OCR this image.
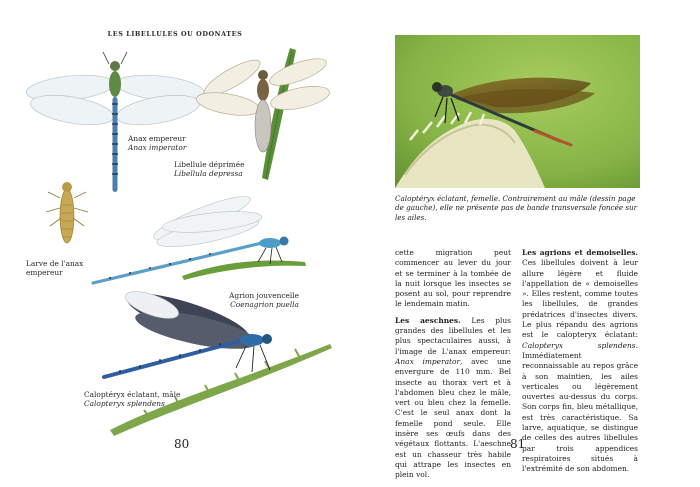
LES LIBELLULES OU ODONATES
Anax empereur
Anax imperator
Libellule déprimée
Libellula depressa
Larve de l'anax
empereur
Agrion jouvencelle
Coenagrion puella
Caloptéryx éclatant, mâle
Calopteryx splendens
80
Caloptéryx éclatant, femelle. Contrairement au mâle (dessin page de gauche), elle ne présente pas de bande transversale foncée sur les ailes.

cette migration peut commencer au lever du jour et se terminer à la tombée de la nuit lorsque les insectes se posent au sol, pour reprendre le lendemain matin.

Les aeschnes. Les plus grandes des libellules et les plus spectaculaires aussi, à l'image de L'anax empereur: Anax imperator, avec une envergure de 110 mm. Bel insecte au thorax vert et à l'abdomen bleu chez le mâle, vert ou bleu chez la femelle. C'est le seul anax dont la femelle pond seule. Elle insère ses œufs dans des végétaux flottants. L'aeschne est un chasseur très habile qui attrape les insectes en plein vol.

Les agrions et demoiselles. Ces libellules doivent à leur allure légère et fluide l'appellation de « demoiselles ». Elles restent, comme toutes les libellules, de grandes prédatrices d'insectes divers. Le plus répandu des agrions est le calopteryx éclatant: Calopteryx splendens. Immédiatement reconnaissable au repos grâce à son maintien, les ailes verticales ou légèrement ouvertes au-dessus du corps. Son corps fin, bleu métallique, est très caractéristique. Sa larve, aquatique, se distingue de celles des autres libellules par trois appendices respiratoires situés à l'extrémité de son abdomen.

81
